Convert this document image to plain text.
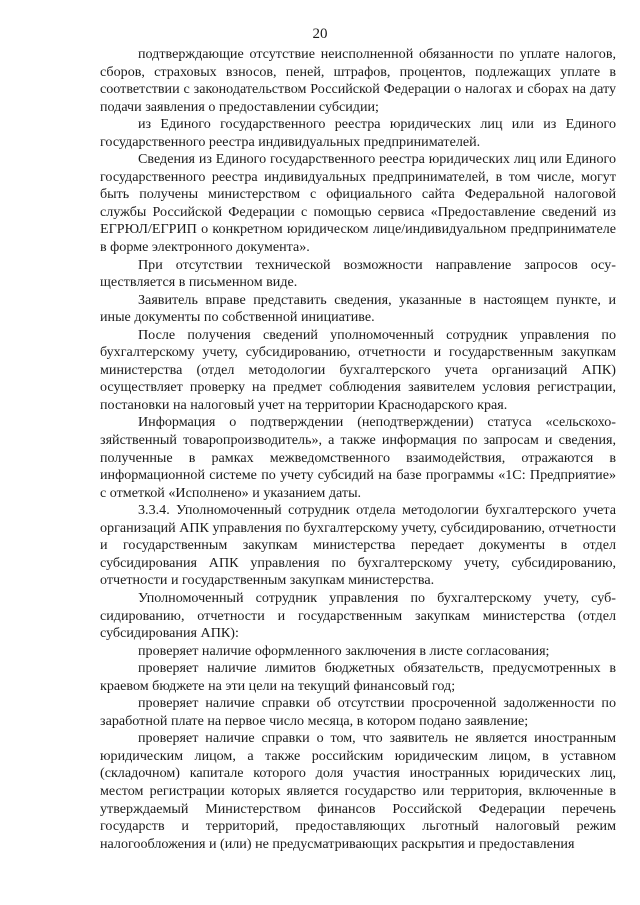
20

подтверждающие отсутствие неисполненной обязанности по уплате налогов, сборов, страховых взносов, пеней, штрафов, процентов, подлежащих уплате в соответствии с законодательством Российской Федерации о налогах и сборах на дату подачи заявления о предоставлении субсидии;

из Единого государственного реестра юридических лиц или из Единого государственного реестра индивидуальных предпринимателей.

Сведения из Единого государственного реестра юридических лиц или Единого государственного реестра индивидуальных предпринимателей, в том числе, могут быть получены министерством с официального сайта Федеральной налоговой службы Российской Федерации с помощью сервиса «Предоставление сведений из ЕГРЮЛ/ЕГРИП о конкретном юридическом лице/индивидуальном предпринимателе в форме электронного документа».

При отсутствии технической возможности направление запросов осуществляется в письменном виде.

Заявитель вправе представить сведения, указанные в настоящем пункте, и иные документы по собственной инициативе.

После получения сведений уполномоченный сотрудник управления по бухгалтерскому учету, субсидированию, отчетности и государственным закупкам министерства (отдел методологии бухгалтерского учета организаций АПК) осуществляет проверку на предмет соблюдения заявителем условия регистрации, постановки на налоговый учет на территории Краснодарского края.

Информация о подтверждении (неподтверждении) статуса «сельскохозяйственный товаропроизводитель», а также информация по запросам и сведения, полученные в рамках межведомственного взаимодействия, отражаются в информационной системе по учету субсидий на базе программы «1С: Предприятие» с отметкой «Исполнено» и указанием даты.

3.3.4. Уполномоченный сотрудник отдела методологии бухгалтерского учета организаций АПК управления по бухгалтерскому учету, субсидированию, отчетности и государственным закупкам министерства передает документы в отдел субсидирования АПК управления по бухгалтерскому учету, субсидированию, отчетности и государственным закупкам министерства.

Уполномоченный сотрудник управления по бухгалтерскому учету, субсидированию, отчетности и государственным закупкам министерства (отдел субсидирования АПК):

проверяет наличие оформленного заключения в листе согласования;

проверяет наличие лимитов бюджетных обязательств, предусмотренных в краевом бюджете на эти цели на текущий финансовый год;

проверяет наличие справки об отсутствии просроченной задолженности по заработной плате на первое число месяца, в котором подано заявление;

проверяет наличие справки о том, что заявитель не является иностранным юридическим лицом, а также российским юридическим лицом, в уставном (складочном) капитале которого доля участия иностранных юридических лиц, местом регистрации которых является государство или территория, включенные в утверждаемый Министерством финансов Российской Федерации перечень государств и территорий, предоставляющих льготный налоговый режим налогообложения и (или) не предусматривающих раскрытия и предоставления
